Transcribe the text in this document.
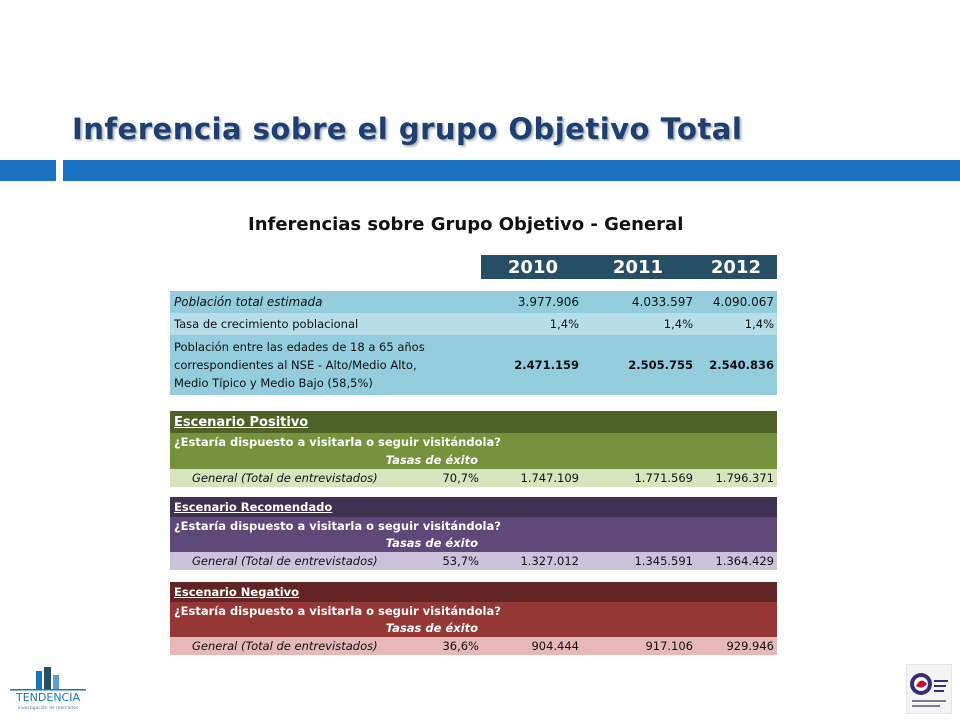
Inferencia sobre el grupo Objetivo Total
Inferencias sobre Grupo Objetivo - General
2010	2011	2012
Población total estimada	3.977.906	4.033.597	4.090.067
Tasa de crecimiento poblacional	1,4%	1,4%	1,4%
Población entre las edades de 18 a 65 años
correspondientes al NSE - Alto/Medio Alto,
Medio Típico y Medio Bajo (58,5%)
2.471.159	2.505.755	2.540.836
Escenario Positivo
¿Estaría dispuesto a visitarla o seguir visitándola?
Tasas de éxito
General (Total de entrevistados)	70,7%	1.747.109	1.771.569	1.796.371
Escenario Recomendado
¿Estaría dispuesto a visitarla o seguir visitándola?
Tasas de éxito
General (Total de entrevistados)	53,7%	1.327.012	1.345.591	1.364.429
Escenario Negativo
¿Estaría dispuesto a visitarla o seguir visitándola?
Tasas de éxito
General (Total de entrevistados)	36,6%	904.444	917.106	929.946
TENDENCIA
investigación de mercados
